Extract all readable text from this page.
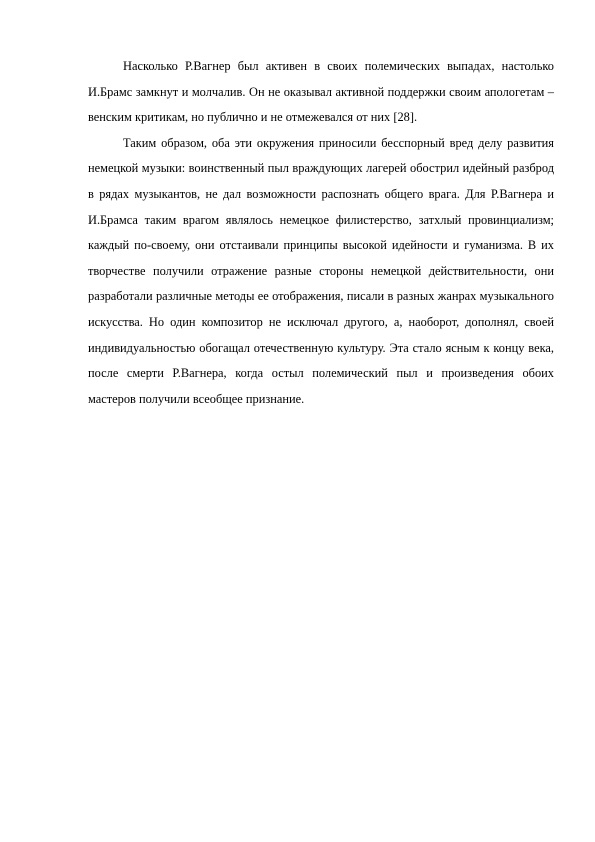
Насколько Р.Вагнер был активен в своих полемических выпадах, настолько И.Брамс замкнут и молчалив. Он не оказывал активной поддержки своим апологетам – венским критикам, но публично и не отмежевался от них [28].

Таким образом, оба эти окружения приносили бесспорный вред делу развития немецкой музыки: воинственный пыл враждующих лагерей обострил идейный разброд в рядах музыкантов, не дал возможности распознать общего врага. Для Р.Вагнера и И.Брамса таким врагом являлось немецкое филистерство, затхлый провинциализм; каждый по-своему, они отстаивали принципы высокой идейности и гуманизма. В их творчестве получили отражение разные стороны немецкой действительности, они разработали различные методы ее отображения, писали в разных жанрах музыкального искусства. Но один композитор не исключал другого, а, наоборот, дополнял, своей индивидуальностью обогащал отечественную культуру. Эта стало ясным к концу века, после смерти Р.Вагнера, когда остыл полемический пыл и произведения обоих мастеров получили всеобщее признание.
